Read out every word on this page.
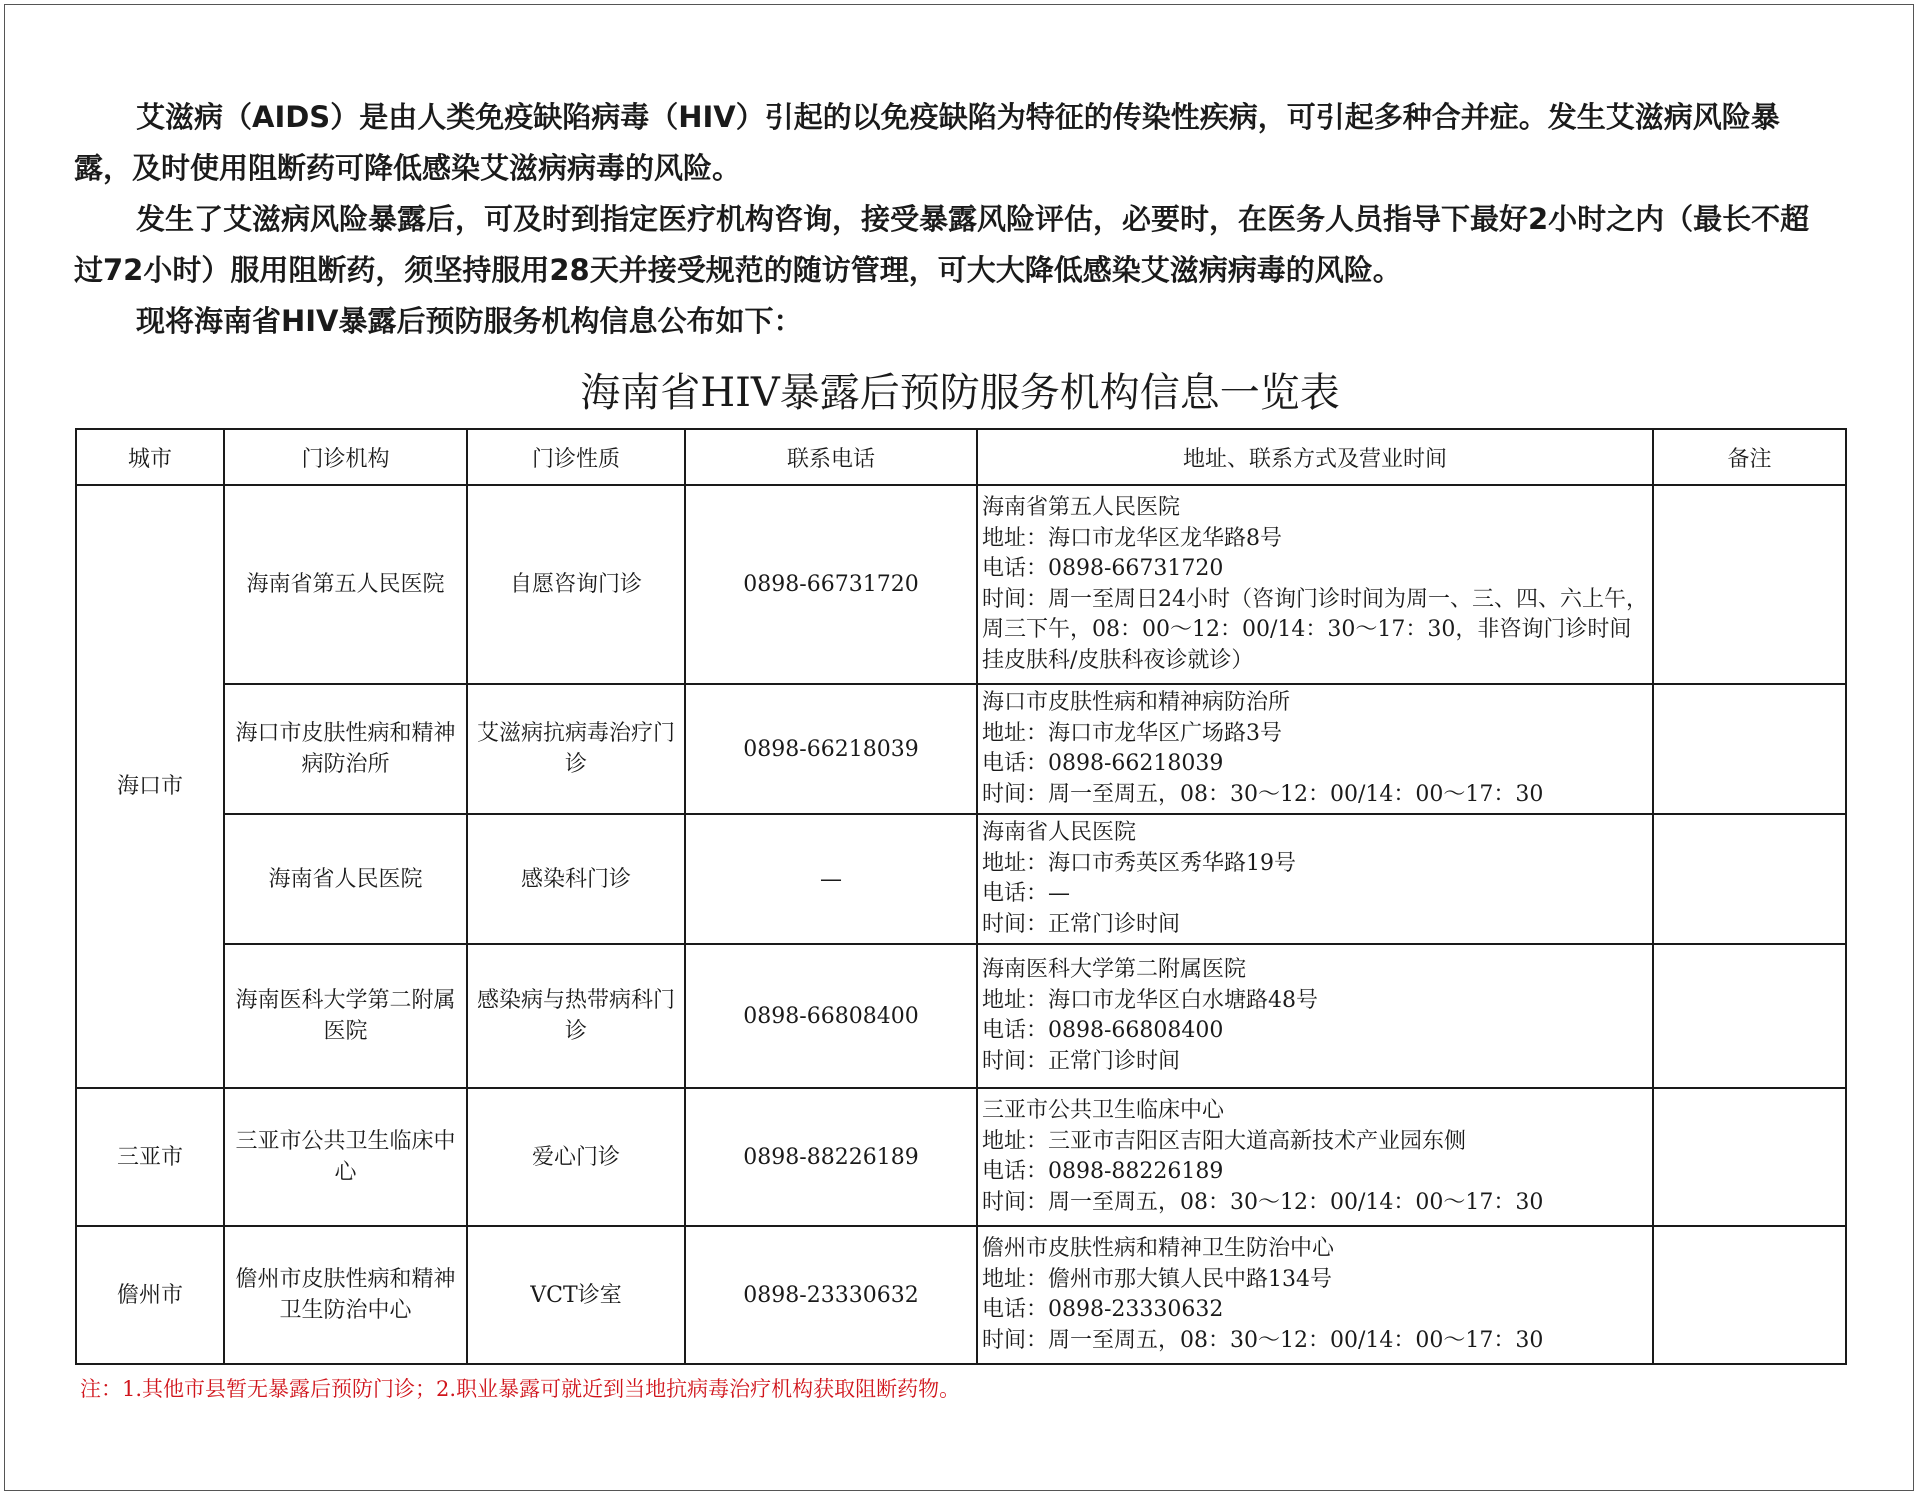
艾滋病（AIDS）是由人类免疫缺陷病毒（HIV）引起的以免疫缺陷为特征的传染性疾病，可引起多种合并症。发生艾滋病风险暴露，及时使用阻断药可降低感染艾滋病病毒的风险。

发生了艾滋病风险暴露后，可及时到指定医疗机构咨询，接受暴露风险评估，必要时，在医务人员指导下最好2小时之内（最长不超过72小时）服用阻断药，须坚持服用28天并接受规范的随访管理，可大大降低感染艾滋病病毒的风险。

现将海南省HIV暴露后预防服务机构信息公布如下：

海南省HIV暴露后预防服务机构信息一览表
城市	门诊机构	门诊性质	联系电话	地址、联系方式及营业时间	备注
海口市	海南省第五人民医院	自愿咨询门诊	0898-66731720	海南省第五人民医院
地址：海口市龙华区龙华路8号
电话：0898-66731720
时间：周一至周日24小时（咨询门诊时间为周一、三、四、六上午，周三下午，08：00～12：00/14：30～17：30，非咨询门诊时间挂皮肤科/皮肤科夜诊就诊）	

	海口市皮肤性病和精神病防治所	艾滋病抗病毒治疗门诊	0898-66218039	海口市皮肤性病和精神病防治所
地址：海口市龙华区广场路3号
电话：0898-66218039
时间：周一至周五，08：30～12：00/14：00～17：30	

	海南省人民医院	感染科门诊	—	海南省人民医院
地址：海口市秀英区秀华路19号
电话：—
时间：正常门诊时间	

	海南医科大学第二附属医院	感染病与热带病科门诊	0898-66808400	海南医科大学第二附属医院
地址：海口市龙华区白水塘路48号
电话：0898-66808400
时间：正常门诊时间	

三亚市	三亚市公共卫生临床中心	爱心门诊	0898-88226189	三亚市公共卫生临床中心
地址：三亚市吉阳区吉阳大道高新技术产业园东侧
电话：0898-88226189
时间：周一至周五，08：30～12：00/14：00～17：30	

儋州市	儋州市皮肤性病和精神卫生防治中心	VCT诊室	0898-23330632	儋州市皮肤性病和精神卫生防治中心
地址：儋州市那大镇人民中路134号
电话：0898-23330632
时间：周一至周五，08：30～12：00/14：00～17：30	

注：1.其他市县暂无暴露后预防门诊；2.职业暴露可就近到当地抗病毒治疗机构获取阻断药物。
